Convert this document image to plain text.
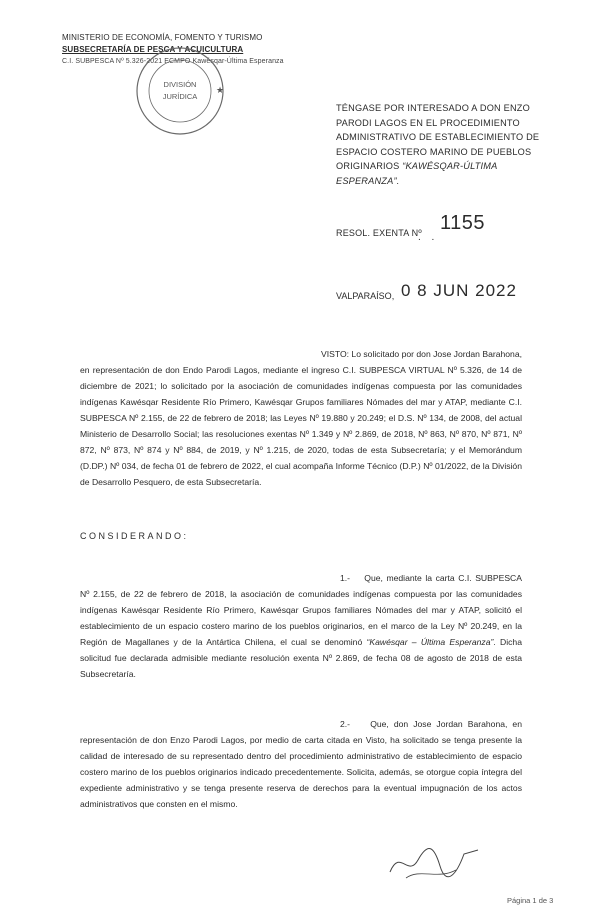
MINISTERIO DE ECONOMÍA, FOMENTO Y TURISMO
SUBSECRETARÍA DE PESCA Y ACUICULTURA
C.I. SUBPESCA Nº 5.326-2021 ECMPO Kawésqar-Última Esperanza
DIVISIÓN
JURÍDICA
★
TÉNGASE POR INTERESADO A DON ENZO PARODI LAGOS EN EL PROCEDIMIENTO ADMINISTRATIVO DE ESTABLECIMIENTO DE ESPACIO COSTERO MARINO DE PUEBLOS ORIGINARIOS “KAWÉSQAR-ÚLTIMA ESPERANZA”.
RESOL. EXENTA Nº
. .
1155
VALPARAÍSO, 0 8 JUN 2022
VISTO: Lo solicitado por don Jose Jordan Barahona,
en representación de don Endo Parodi Lagos, mediante el ingreso C.I. SUBPESCA VIRTUAL Nº 5.326, de 14 de diciembre de 2021; lo solicitado por la asociación de comunidades indígenas compuesta por las comunidades indígenas Kawésqar Residente Río Primero, Kawésqar Grupos familiares Nómades del mar y ATAP, mediante C.I. SUBPESCA Nº 2.155, de 22 de febrero de 2018; las Leyes Nº 19.880 y 20.249; el D.S. Nº 134, de 2008, del actual Ministerio de Desarrollo Social; las resoluciones exentas Nº 1.349 y Nº 2.869, de 2018, Nº 863, Nº 870, Nº 871, Nº 872, Nº 873, Nº 874 y Nº 884, de 2019, y Nº 1.215, de 2020, todas de esta Subsecretaría; y el Memorándum (D.DP.) Nº 034, de fecha 01 de febrero de 2022, el cual acompaña Informe Técnico (D.P.) Nº 01/2022, de la División de Desarrollo Pesquero, de esta Subsecretaría.
CONSIDERANDO:
1.- Que, mediante la carta C.I. SUBPESCA Nº 2.155, de 22 de febrero de 2018, la asociación de comunidades indígenas compuesta por las comunidades indígenas Kawésqar Residente Río Primero, Kawésqar Grupos familiares Nómades del mar y ATAP, solicitó el establecimiento de un espacio costero marino de los pueblos originarios, en el marco de la Ley Nº 20.249, en la Región de Magallanes y de la Antártica Chilena, el cual se denominó “Kawésqar – Última Esperanza”. Dicha solicitud fue declarada admisible mediante resolución exenta Nº 2.869, de fecha 08 de agosto de 2018 de esta Subsecretaría.
2.- Que, don Jose Jordan Barahona, en representación de don Enzo Parodi Lagos, por medio de carta citada en Visto, ha solicitado se tenga presente la calidad de interesado de su representado dentro del procedimiento administrativo de establecimiento de espacio costero marino de los pueblos originarios indicado precedentemente. Solicita, además, se otorgue copia íntegra del expediente administrativo y se tenga presente reserva de derechos para la eventual impugnación de los actos administrativos que consten en el mismo.
Página 1 de 3
